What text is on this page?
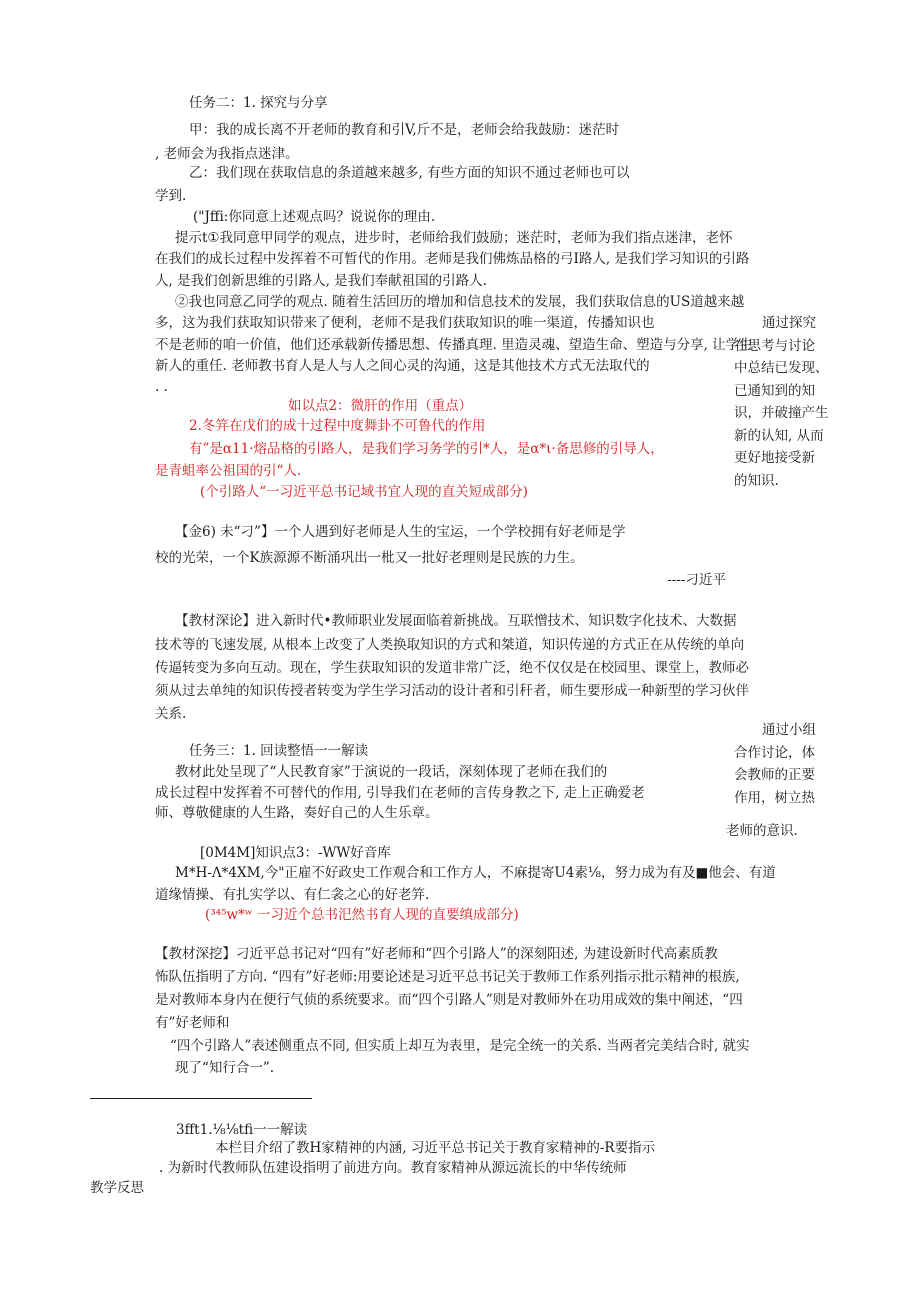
任务二：1. 探究与分享
甲：我的成长离不开老师的教育和引V,斤不是，老师会给我鼓励：迷茫时
, 老师会为我指点迷津。
乙：我们现在获取信息的条道越来越多, 有些方面的知识不通过老师也可以
学到.
("Jffi:你同意上述观点吗？说说你的理由.
提示t①我同意甲同学的观点，进步时，老师给我们鼓励；迷茫时，老师为我们指点迷津，老怀
在我们的成长过程中发挥着不可暂代的作用。老师是我们佛炼品格的弓I路人, 是我们学习知识的引路
人, 是我们创新思维的引路人, 是我们奉献祖国的引路人.
②我也同意乙同学的观点. 随着生活回历的增加和信息技术的发展，我们获取信息的US道越来越
多，这为我们获取知识带来了便利，老师不是我们获取知识的唯一渠道，传播知识也
不是老师的咱一价值，他们还承载新传播思想、传播真理. 里造灵魂、望造生命、塑造与分享, 让学生
新人的重任. 老师教书育人是人与人之间心灵的沟通，这是其他技术方式无法取代的
. .
如以点2：微肝的作用（重点）
2.冬笄在戊们的成十过程中度舞卦不可鲁代的作用
有”是α11·熔品格的引路人，是我们学习务学的引*人，是α*ι·备思修的引导人，
是青蛆率公祖国的引“人.
(个引路人“一习近平总书记域书宜人现的直关短成部分)
通过探究
在思考与讨论
中总结已发现、
已通知到的知
识，并破撞产生
新的认知, 从而
更好地接受新
的知识.
【金6) 未“刁”】一个人遇到好老师是人生的宝运，一个学校拥有好老师是学
校的光荣，一个K族源源不断涌巩出一枇又一批好老理则是民族的力生。
----刁近平
【教材深论】进入新时代•教师职业发展面临着新挑战。互联憎技术、知识数字化技术、大数据
技术等的飞速发展, 从根本上改变了人类换取知识的方式和桀道，知识传递的方式正在从传统的单向
传逼转变为多向互动。现在，学生获取知识的发道非常广泛，绝不仅仅是在校园里、课堂上，教师必
须从过去单纯的知识传授者转变为学生学习活动的设计者和引秆者，师生要形成一种新型的学习伙伴
关系.
通过小组
合作讨论，体
会教师的正要
作用，树立热
老师的意识.
任务三：1. 回读整悟一一解读
教材此处呈现了“人民教育家”于演说的一段话，深刻体现了老师在我们的
成长过程中发挥着不可替代的作用, 引导我们在老师的言传身教之下, 走上正确爱老
师、尊敬健康的人生路，奏好自己的人生乐章。
[0M4M]知识点3：-WW好音库
M*H-Λ*4XM,今"正雇不好政史工作观合和工作方人，不麻提寄U4素⅛，努力成为有及■他会、有道
道缘情操、有扎实学以、有仁衾之心的好老笄.
(³⁴⁵w*ʷ 一习近个总书汜然书育人现的直要缜成部分)
【教材深挖】刁近平总书记对“四有”好老师和“四个引路人”的深刻阳述, 为建设新时代高素质教
怖队伍指明了方向. “四有”好老师:用要论述是习近平总书记关于教师工作系列指示批示精神的根族,
是对教师本身内在便行气侦的系统要求。而“四个引路人”则是对教师外在功用成效的集中阐述，“四
有”好老师和
“四个引路人”表述侧重点不同, 但实质上却互为表里，是完全统一的关系. 当两者完美结合时, 就实
现了“知行合一”.
3fft1.⅛⅛tfi一一解读
本栏目介绍了教H家精神的内涵, 习近平总书记关于教育家精神的-R要指示
. 为新时代教师队伍建设指明了前进方向。教育家精神从源远流长的中华传统师
教学反思
